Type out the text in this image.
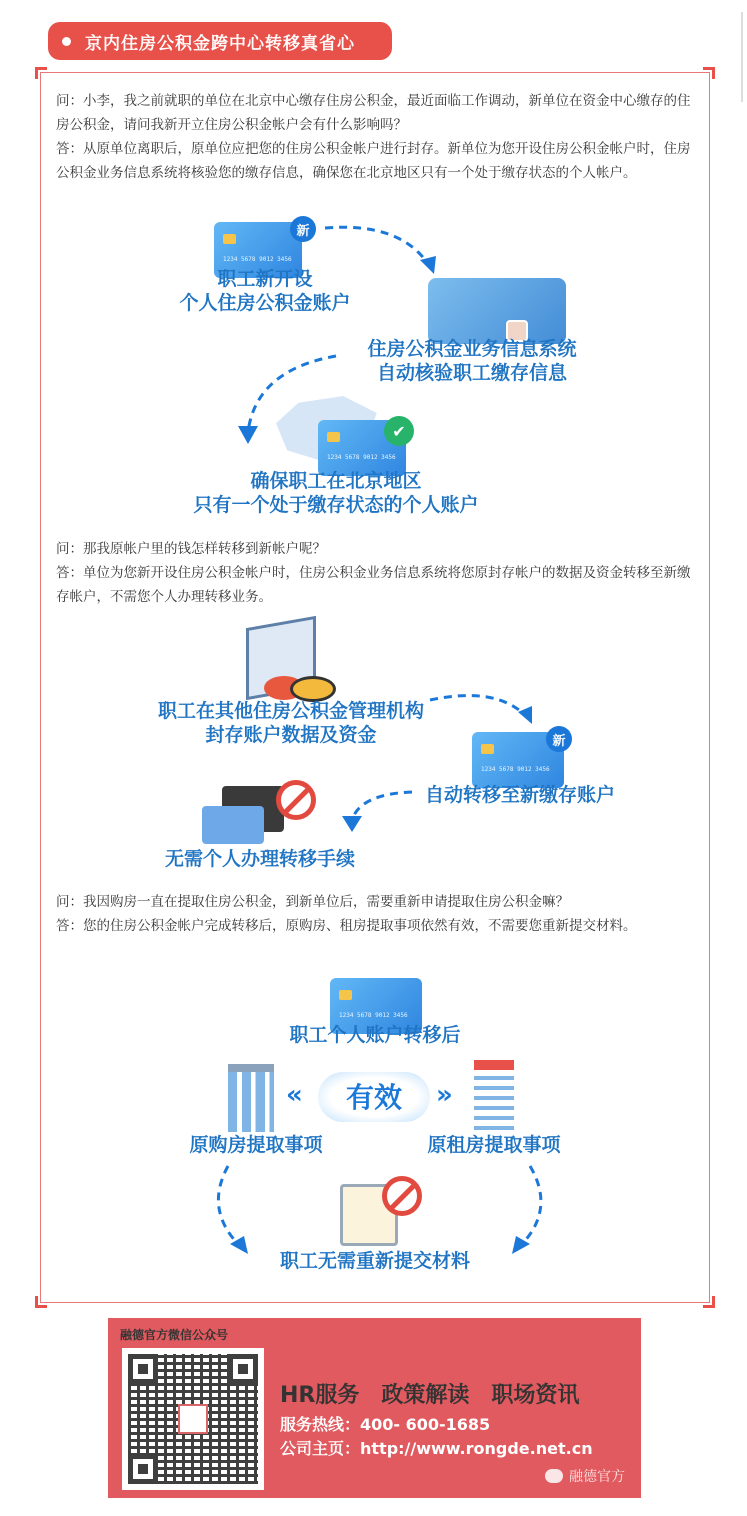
京内住房公积金跨中心转移真省心

问：小李，我之前就职的单位在北京中心缴存住房公积金，最近面临工作调动，新单位在资金中心缴存的住房公积金，请问我新开立住房公积金帐户会有什么影响吗？

答：从原单位离职后，原单位应把您的住房公积金帐户进行封存。新单位为您开设住房公积金帐户时，住房公积金业务信息系统将核验您的缴存信息，确保您在北京地区只有一个处于缴存状态的个人帐户。

1234 5678 9012 3456
新
职工新开设
个人住房公积金账户
住房公积金业务信息系统
自动核验职工缴存信息
1234 5678 9012 3456
✔
确保职工在北京地区
只有一个处于缴存状态的个人账户

问：那我原帐户里的钱怎样转移到新帐户呢？

答：单位为您新开设住房公积金帐户时，住房公积金业务信息系统将您原封存帐户的数据及资金转移至新缴存帐户，不需您个人办理转移业务。

职工在其他住房公积金管理机构
封存账户数据及资金
1234 5678 9012 3456
新
自动转移至新缴存账户
无需个人办理转移手续

问：我因购房一直在提取住房公积金，到新单位后，需要重新申请提取住房公积金嘛？

答：您的住房公积金帐户完成转移后，原购房、租房提取事项依然有效，不需要您重新提交材料。

1234 5678 9012 3456
职工个人账户转移后
«	有效	»
原购房提取事项	原租房提取事项
职工无需重新提交材料
融德官方微信公众号
HR服务　政策解读　职场资讯
服务热线：400- 600-1685
公司主页：http://www.rongde.net.cn
融德官方
